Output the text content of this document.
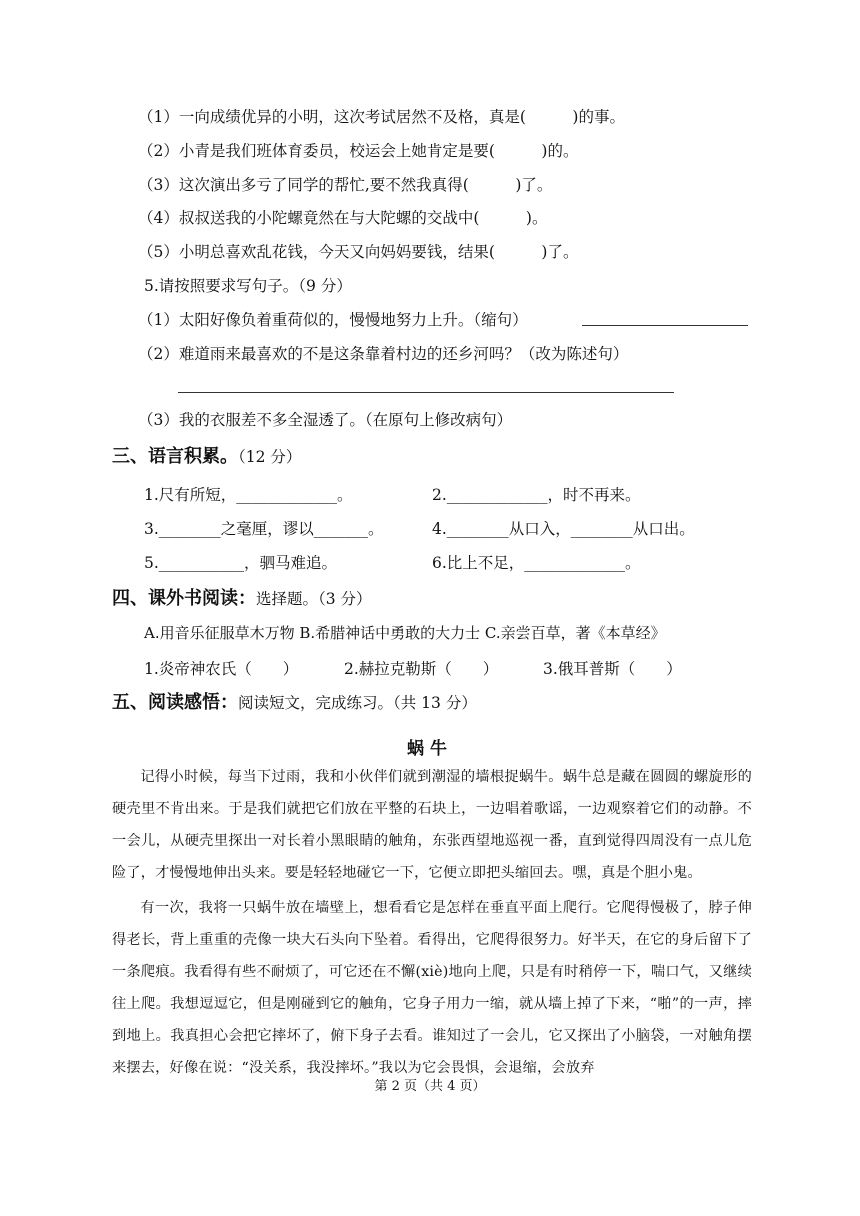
（1）一向成绩优异的小明，这次考试居然不及格，真是(　　　)的事。
（2）小青是我们班体育委员，校运会上她肯定是要(　　　)的。
（3）这次演出多亏了同学的帮忙,要不然我真得(　　　)了。
（4）叔叔送我的小陀螺竟然在与大陀螺的交战中(　　　)。
（5）小明总喜欢乱花钱，今天又向妈妈要钱，结果(　　　)了。
5.请按照要求写句子。（9 分）
（1）太阳好像负着重荷似的，慢慢地努力上升。（缩句）
（2）难道雨来最喜欢的不是这条靠着村边的还乡河吗？（改为陈述句）
（3）我的衣服差不多全湿透了。（在原句上修改病句）
三、语言积累。（12 分）
1.尺有所短，_____________。	2._____________，时不再来。
3.________之毫厘，谬以_______。	4.________从口入，________从口出。
5.___________，驷马难追。	6.比上不足，_____________。
四、课外书阅读：选择题。（3 分）
A.用音乐征服草木万物 B.希腊神话中勇敢的大力士 C.亲尝百草，著《本草经》
1.炎帝神农氏（　　）	2.赫拉克勒斯（　　）	3.俄耳普斯（　　）
五、阅读感悟：阅读短文，完成练习。（共 13 分）
蜗牛
记得小时候，每当下过雨，我和小伙伴们就到潮湿的墙根捉蜗牛。蜗牛总是藏在圆圆的螺旋形的硬壳里不肯出来。于是我们就把它们放在平整的石块上，一边唱着歌谣，一边观察着它们的动静。不一会儿，从硬壳里探出一对长着小黑眼睛的触角，东张西望地巡视一番，直到觉得四周没有一点儿危险了，才慢慢地伸出头来。要是轻轻地碰它一下，它便立即把头缩回去。嘿，真是个胆小鬼。
有一次，我将一只蜗牛放在墙壁上，想看看它是怎样在垂直平面上爬行。它爬得慢极了，脖子伸得老长，背上重重的壳像一块大石头向下坠着。看得出，它爬得很努力。好半天，在它的身后留下了一条爬痕。我看得有些不耐烦了，可它还在不懈(xiè)地向上爬，只是有时稍停一下，喘口气，又继续往上爬。我想逗逗它，但是刚碰到它的触角，它身子用力一缩，就从墙上掉了下来，“啪”的一声，摔到地上。我真担心会把它摔坏了，俯下身子去看。谁知过了一会儿，它又探出了小脑袋，一对触角摆来摆去，好像在说：“没关系，我没摔坏。”我以为它会畏惧，会退缩，会放弃
第 2 页（共 4 页）
